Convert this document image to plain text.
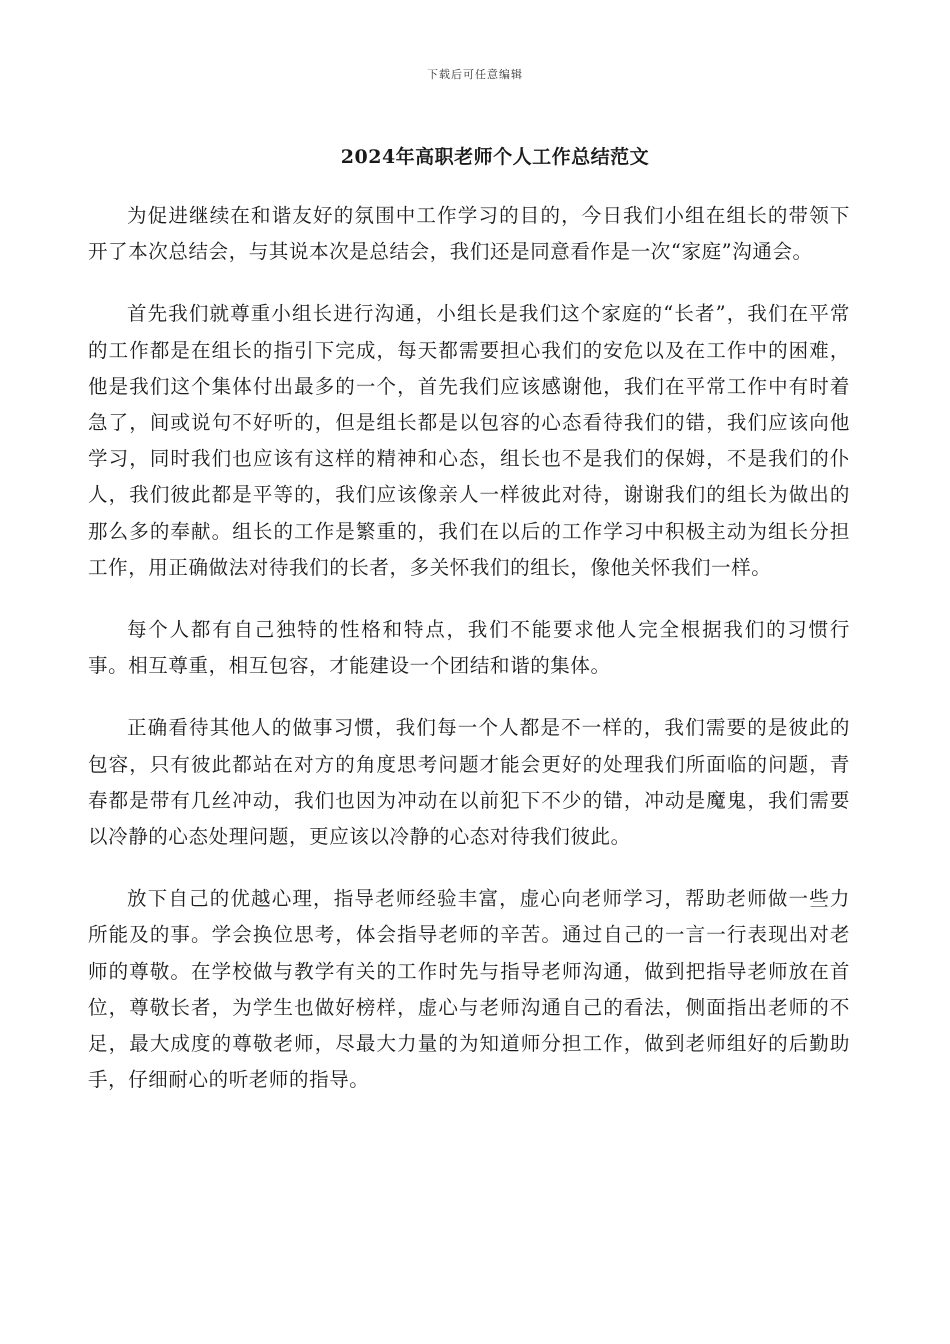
下载后可任意编辑
2024年高职老师个人工作总结范文

为促进继续在和谐友好的氛围中工作学习的目的，今日我们小组在组长的带领下开了本次总结会，与其说本次是总结会，我们还是同意看作是一次“家庭”沟通会。

首先我们就尊重小组长进行沟通，小组长是我们这个家庭的“长者”，我们在平常的工作都是在组长的指引下完成，每天都需要担心我们的安危以及在工作中的困难，他是我们这个集体付出最多的一个，首先我们应该感谢他，我们在平常工作中有时着急了，间或说句不好听的，但是组长都是以包容的心态看待我们的错，我们应该向他学习，同时我们也应该有这样的精神和心态，组长也不是我们的保姆，不是我们的仆人，我们彼此都是平等的，我们应该像亲人一样彼此对待，谢谢我们的组长为做出的那么多的奉献。组长的工作是繁重的，我们在以后的工作学习中积极主动为组长分担工作，用正确做法对待我们的长者，多关怀我们的组长，像他关怀我们一样。

每个人都有自己独特的性格和特点，我们不能要求他人完全根据我们的习惯行事。相互尊重，相互包容，才能建设一个团结和谐的集体。

正确看待其他人的做事习惯，我们每一个人都是不一样的，我们需要的是彼此的包容，只有彼此都站在对方的角度思考问题才能会更好的处理我们所面临的问题，青春都是带有几丝冲动，我们也因为冲动在以前犯下不少的错，冲动是魔鬼，我们需要以冷静的心态处理问题，更应该以冷静的心态对待我们彼此。

放下自己的优越心理，指导老师经验丰富，虚心向老师学习，帮助老师做一些力所能及的事。学会换位思考，体会指导老师的辛苦。通过自己的一言一行表现出对老师的尊敬。在学校做与教学有关的工作时先与指导老师沟通，做到把指导老师放在首位，尊敬长者，为学生也做好榜样，虚心与老师沟通自己的看法，侧面指出老师的不足，最大成度的尊敬老师，尽最大力量的为知道师分担工作，做到老师组好的后勤助手，仔细耐心的听老师的指导。
